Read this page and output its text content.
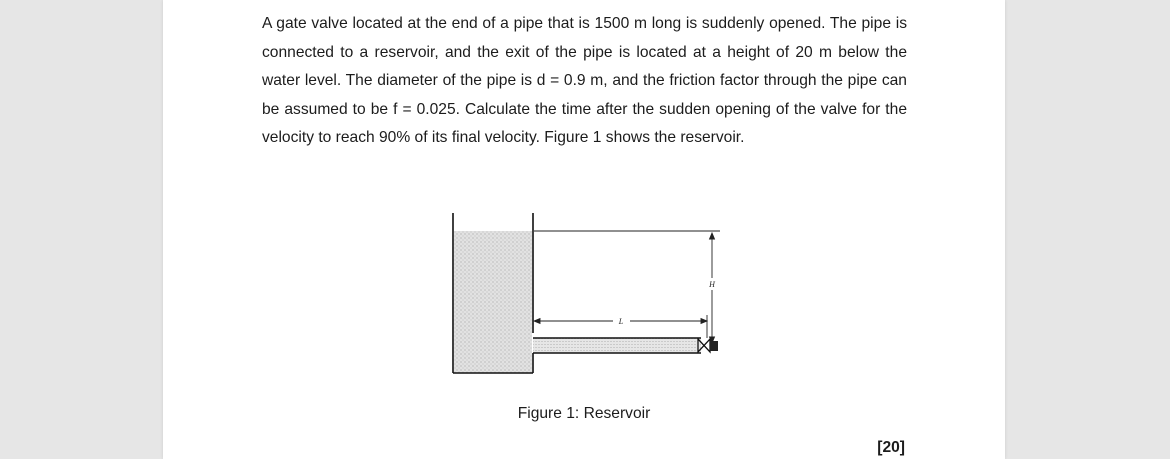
A gate valve located at the end of a pipe that is 1500 m long is suddenly opened. The pipe is connected to a reservoir, and the exit of the pipe is located at a height of 20 m below the water level. The diameter of the pipe is d = 0.9 m, and the friction factor through the pipe can be assumed to be f = 0.025. Calculate the time after the sudden opening of the valve for the velocity to reach 90% of its final velocity. Figure 1 shows the reservoir.

L
H

Figure 1: Reservoir

[20]
